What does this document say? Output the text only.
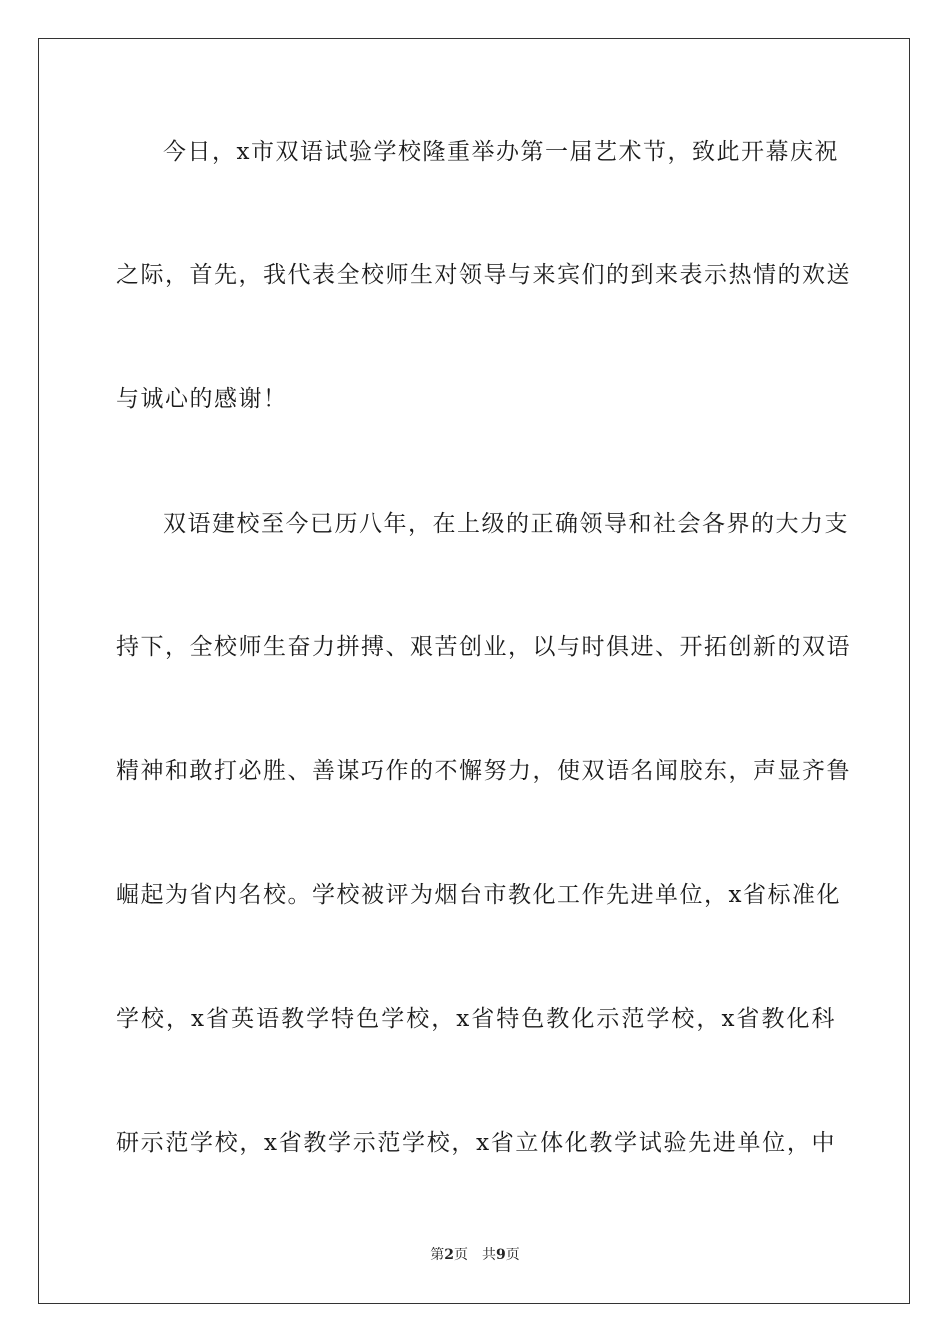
今日，x市双语试验学校隆重举办第一届艺术节，致此开幕庆祝
之际，首先，我代表全校师生对领导与来宾们的到来表示热情的欢送
与诚心的感谢！
双语建校至今已历八年，在上级的正确领导和社会各界的大力支
持下，全校师生奋力拼搏、艰苦创业，以与时俱进、开拓创新的双语
精神和敢打必胜、善谋巧作的不懈努力，使双语名闻胶东，声显齐鲁
崛起为省内名校。学校被评为烟台市教化工作先进单位，x省标准化
学校，x省英语教学特色学校，x省特色教化示范学校，x省教化科
研示范学校，x省教学示范学校，x省立体化教学试验先进单位，中
第2页 共9页
